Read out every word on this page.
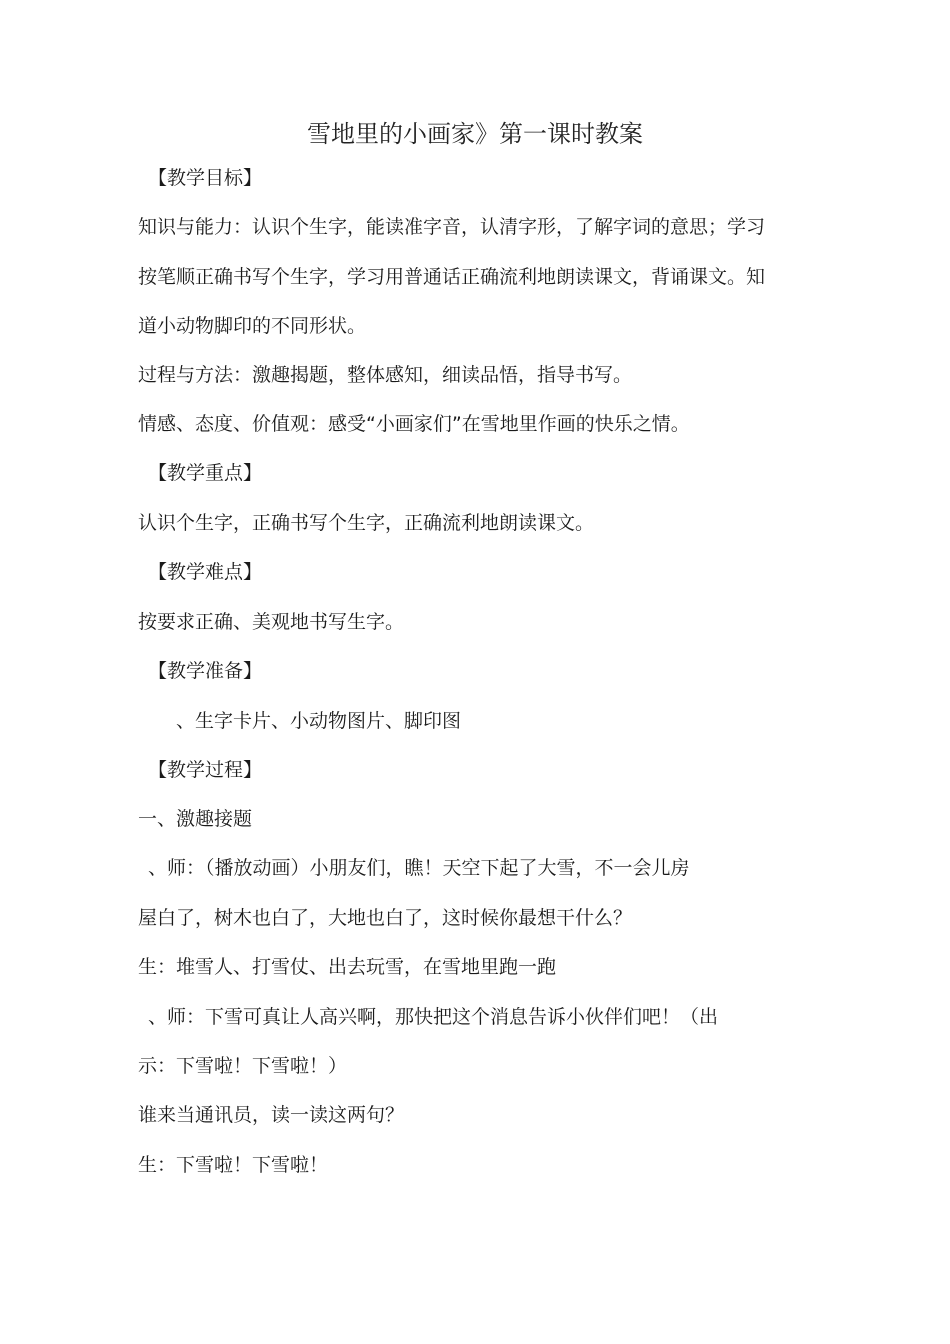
雪地里的小画家》第一课时教案

【教学目标】

知识与能力：认识个生字，能读准字音，认清字形，了解字词的意思；学习

按笔顺正确书写个生字，学习用普通话正确流利地朗读课文，背诵课文。知

道小动物脚印的不同形状。

过程与方法：激趣揭题，整体感知，细读品悟，指导书写。

情感、态度、价值观：感受“小画家们”在雪地里作画的快乐之情。

【教学重点】

认识个生字，正确书写个生字，正确流利地朗读课文。

【教学难点】

按要求正确、美观地书写生字。

【教学准备】

、生字卡片、小动物图片、脚印图

【教学过程】

一、激趣接题

、师：（播放动画）小朋友们，瞧！天空下起了大雪，不一会儿房

屋白了，树木也白了，大地也白了，这时候你最想干什么？

生：堆雪人、打雪仗、出去玩雪，在雪地里跑一跑

、师：下雪可真让人高兴啊，那快把这个消息告诉小伙伴们吧！（出

示：下雪啦！下雪啦！）

谁来当通讯员，读一读这两句？

生：下雪啦！下雪啦！
